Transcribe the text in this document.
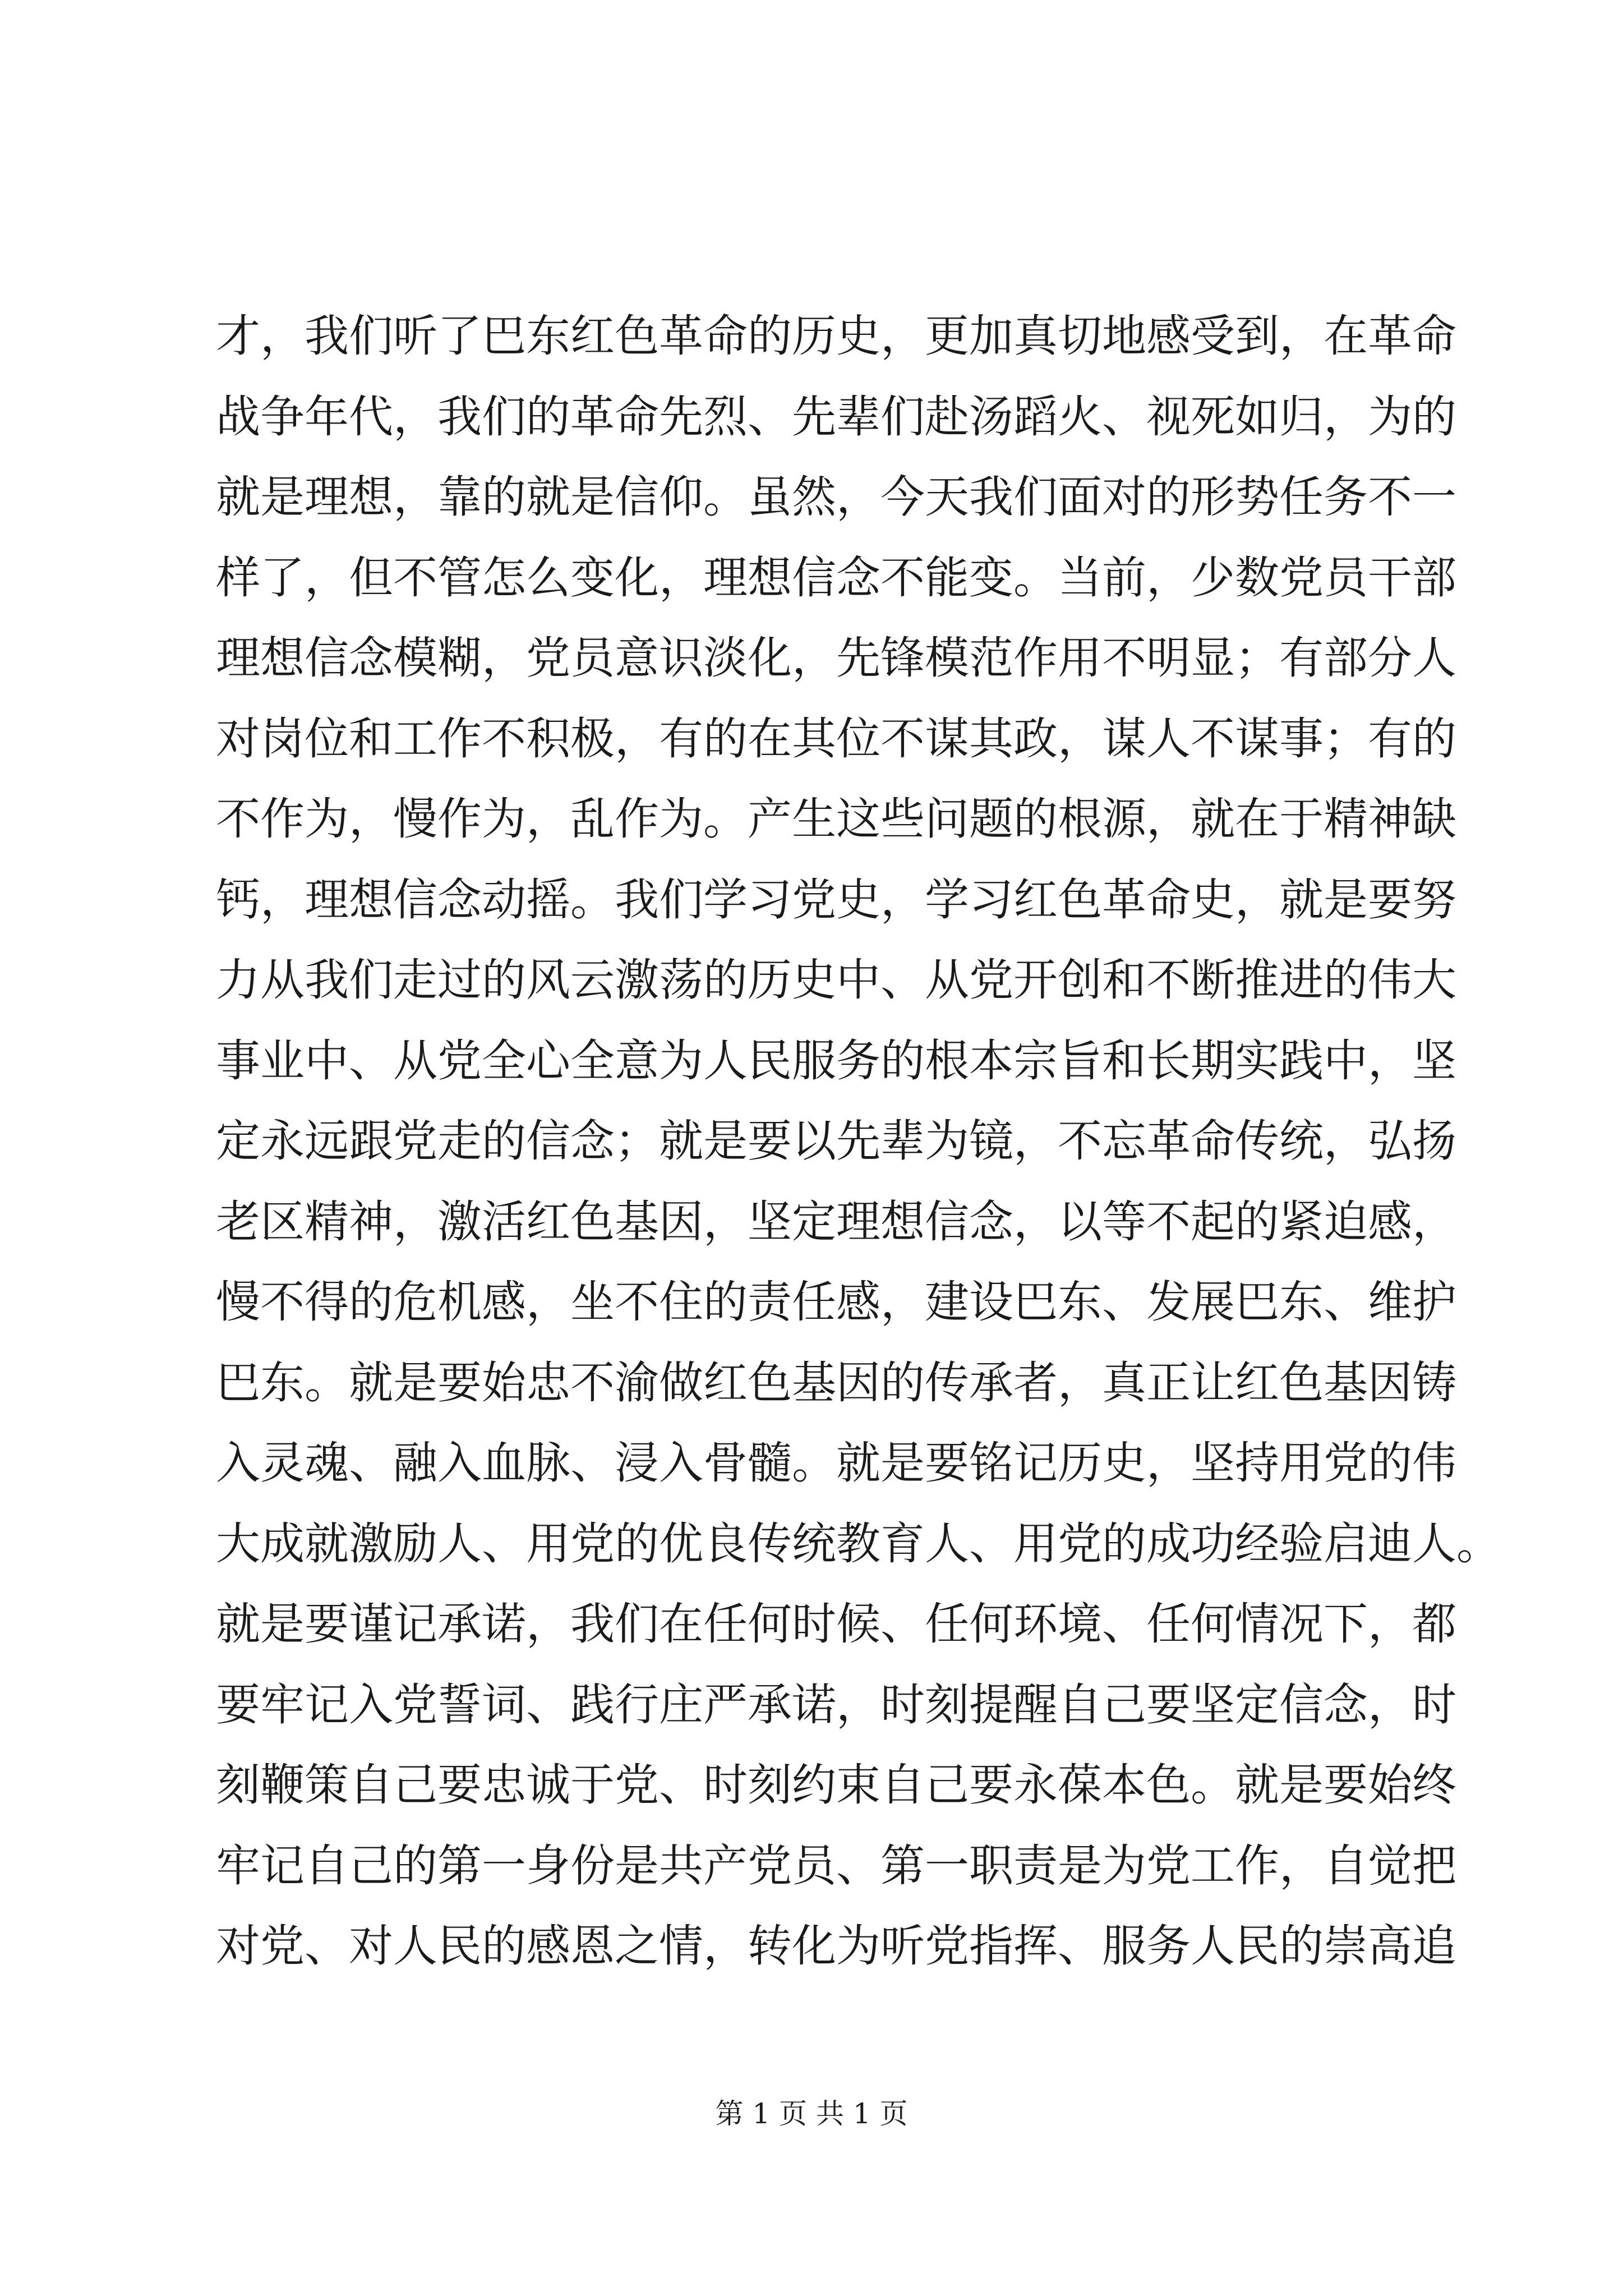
才，我们听了巴东红色革命的历史，更加真切地感受到，在革命
战争年代，我们的革命先烈、先辈们赴汤蹈火、视死如归，为的
就是理想，靠的就是信仰。虽然，今天我们面对的形势任务不一
样了，但不管怎么变化，理想信念不能变。当前，少数党员干部
理想信念模糊，党员意识淡化，先锋模范作用不明显；有部分人
对岗位和工作不积极，有的在其位不谋其政，谋人不谋事；有的
不作为，慢作为，乱作为。产生这些问题的根源，就在于精神缺
钙，理想信念动摇。我们学习党史，学习红色革命史，就是要努
力从我们走过的风云激荡的历史中、从党开创和不断推进的伟大
事业中、从党全心全意为人民服务的根本宗旨和长期实践中，坚
定永远跟党走的信念；就是要以先辈为镜，不忘革命传统，弘扬
老区精神，激活红色基因，坚定理想信念，以等不起的紧迫感，
慢不得的危机感，坐不住的责任感，建设巴东、发展巴东、维护
巴东。就是要始忠不渝做红色基因的传承者，真正让红色基因铸
入灵魂、融入血脉、浸入骨髓。就是要铭记历史，坚持用党的伟
大成就激励人、用党的优良传统教育人、用党的成功经验启迪人。
就是要谨记承诺，我们在任何时候、任何环境、任何情况下，都
要牢记入党誓词、践行庄严承诺，时刻提醒自己要坚定信念，时
刻鞭策自己要忠诚于党、时刻约束自己要永葆本色。就是要始终
牢记自己的第一身份是共产党员、第一职责是为党工作，自觉把
对党、对人民的感恩之情，转化为听党指挥、服务人民的崇高追
第 1 页 共 1 页
